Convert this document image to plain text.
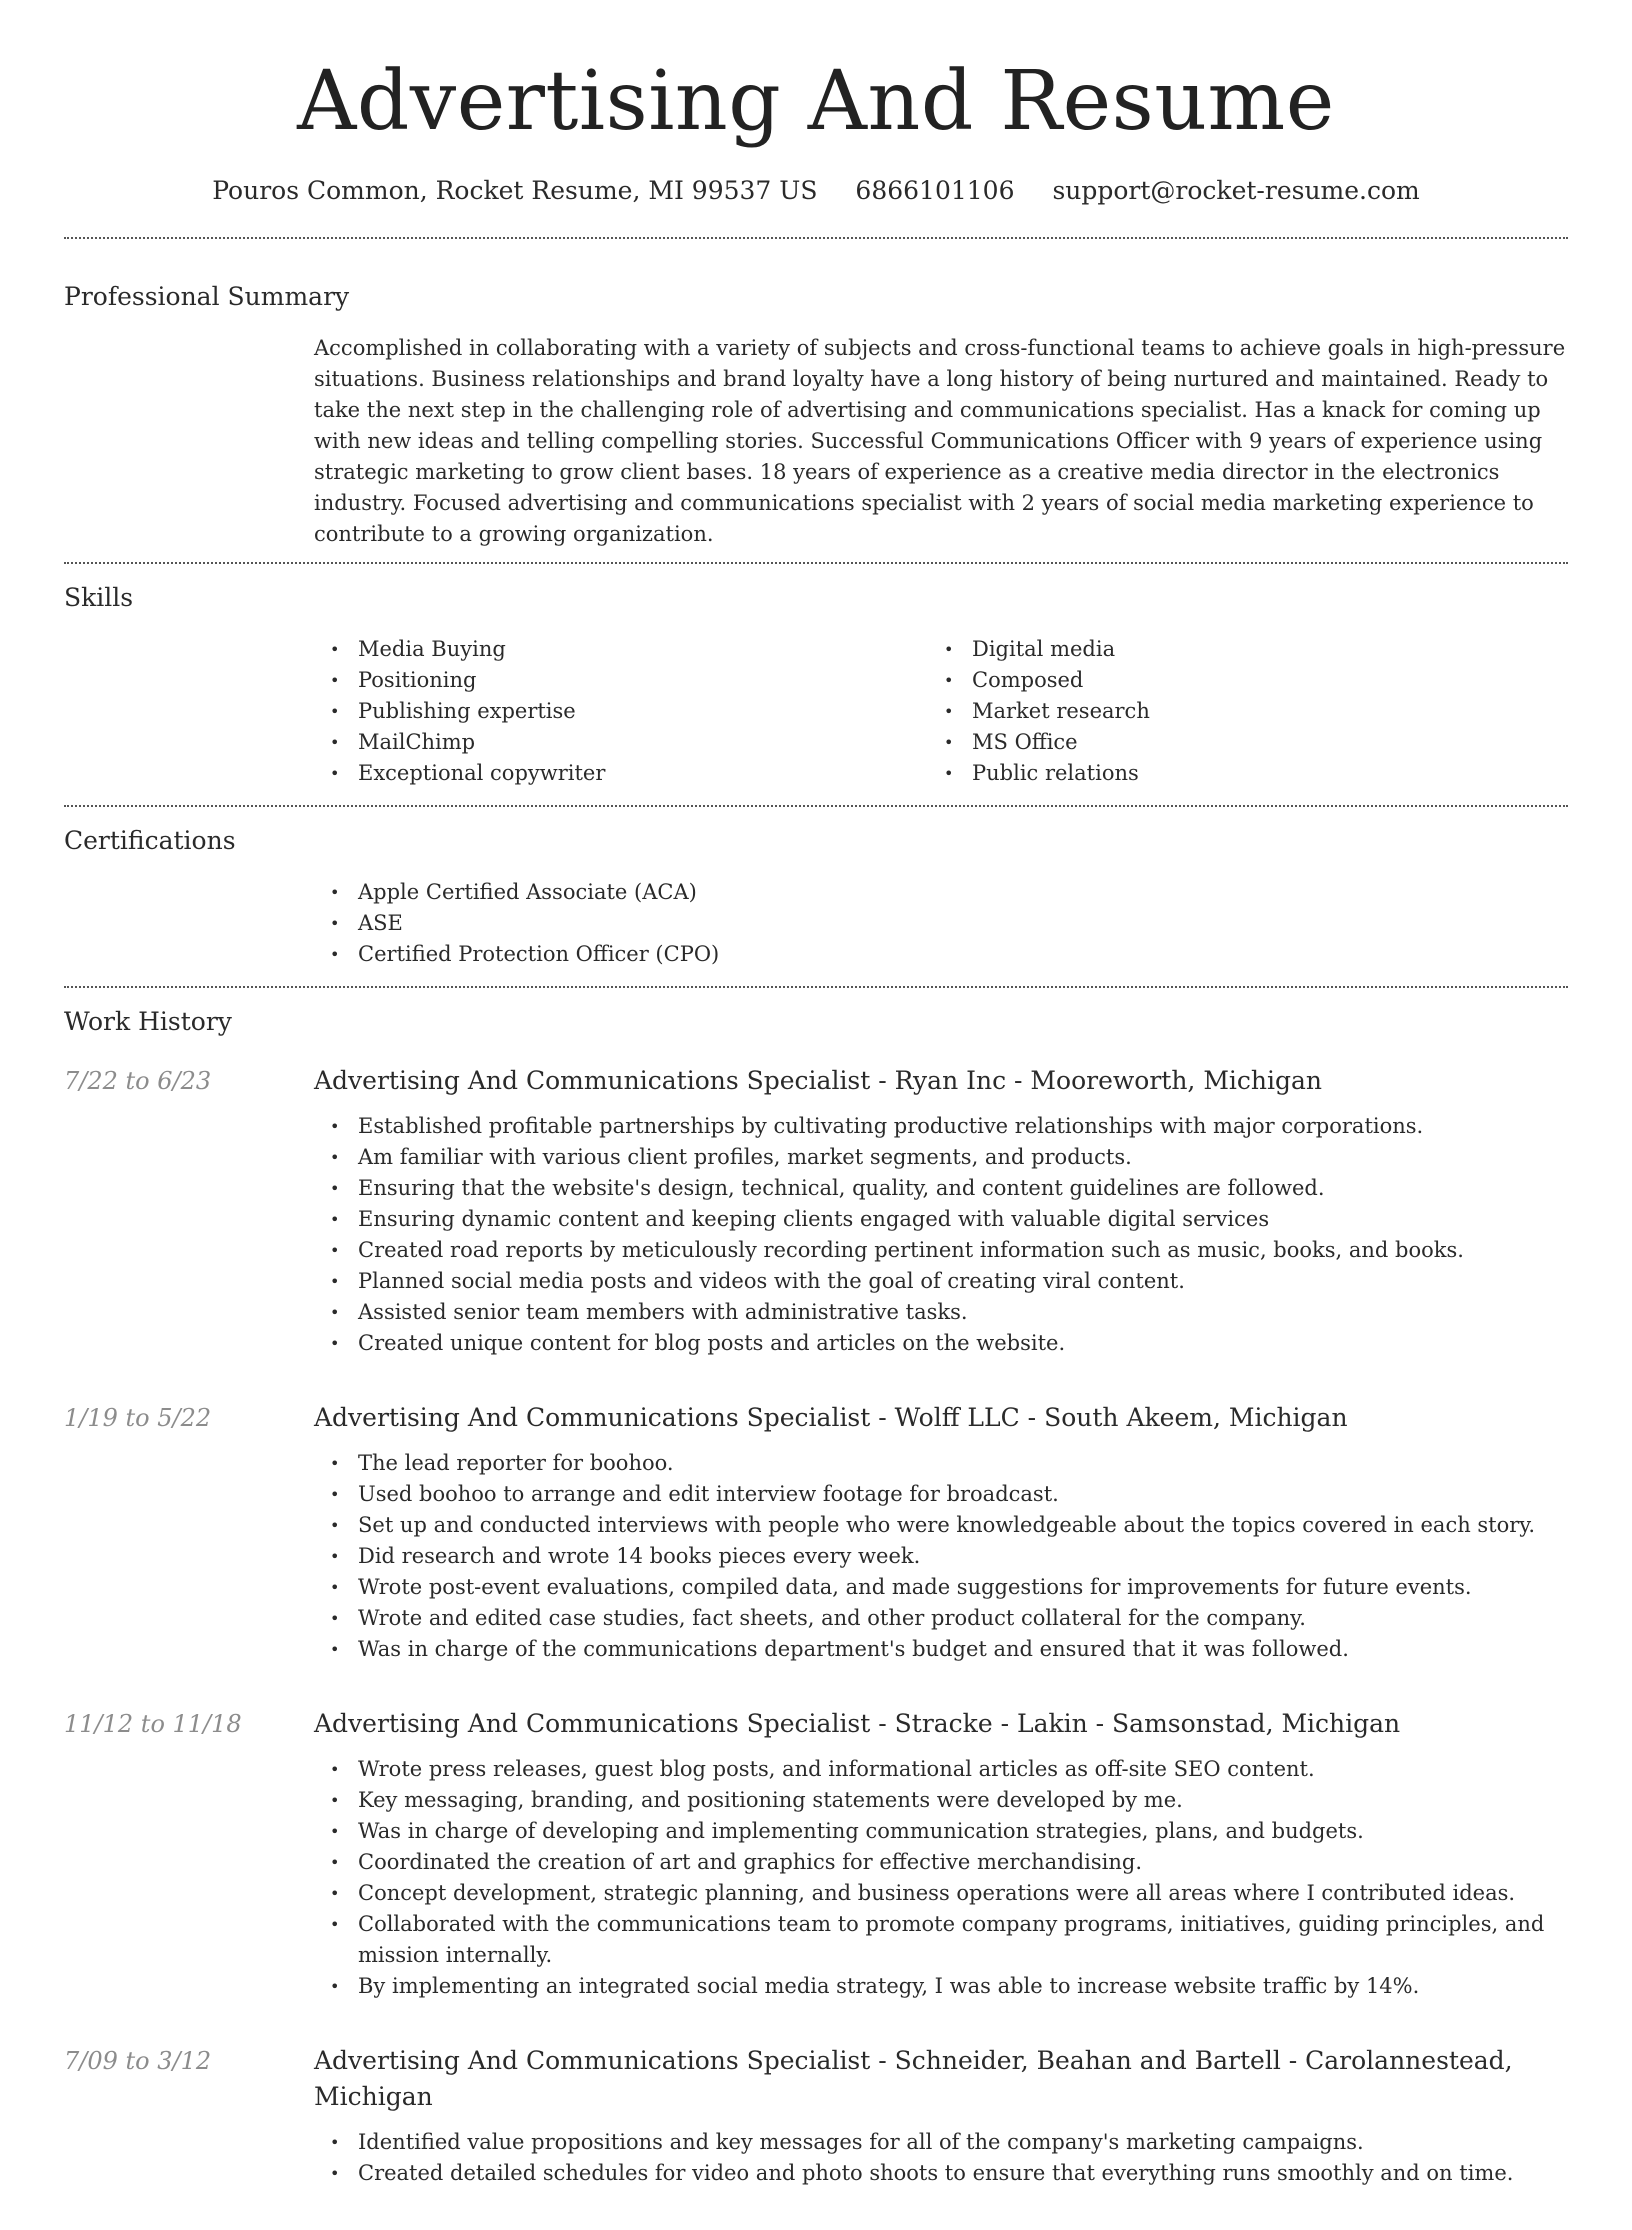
Advertising And Resume
Pouros Common, Rocket Resume, MI 99537 US 6866101106 support@rocket-resume.com
Professional Summary

Accomplished in collaborating with a variety of subjects and cross-functional teams to achieve goals in high-pressure situations. Business relationships and brand loyalty have a long history of being nurtured and maintained. Ready to take the next step in the challenging role of advertising and communications specialist. Has a knack for coming up with new ideas and telling compelling stories. Successful Communications Officer with 9 years of experience using strategic marketing to grow client bases. 18 years of experience as a creative media director in the electronics industry. Focused advertising and communications specialist with 2 years of social media marketing experience to contribute to a growing organization.

Skills
• Media Buying
• Positioning
• Publishing expertise
• MailChimp
• Exceptional copywriter
• Digital media
• Composed
• Market research
• MS Office
• Public relations
Certifications
• Apple Certified Associate (ACA)
• ASE
• Certified Protection Officer (CPO)
Work History
7/22 to 6/23	Advertising And Communications Specialist - Ryan Inc - Mooreworth, Michigan
• Established profitable partnerships by cultivating productive relationships with major corporations.
• Am familiar with various client profiles, market segments, and products.
• Ensuring that the website's design, technical, quality, and content guidelines are followed.
• Ensuring dynamic content and keeping clients engaged with valuable digital services
• Created road reports by meticulously recording pertinent information such as music, books, and books.
• Planned social media posts and videos with the goal of creating viral content.
• Assisted senior team members with administrative tasks.
• Created unique content for blog posts and articles on the website.
1/19 to 5/22	Advertising And Communications Specialist - Wolff LLC - South Akeem, Michigan
• The lead reporter for boohoo.
• Used boohoo to arrange and edit interview footage for broadcast.
• Set up and conducted interviews with people who were knowledgeable about the topics covered in each story.
• Did research and wrote 14 books pieces every week.
• Wrote post-event evaluations, compiled data, and made suggestions for improvements for future events.
• Wrote and edited case studies, fact sheets, and other product collateral for the company.
• Was in charge of the communications department's budget and ensured that it was followed.
11/12 to 11/18	Advertising And Communications Specialist - Stracke - Lakin - Samsonstad, Michigan
• Wrote press releases, guest blog posts, and informational articles as off-site SEO content.
• Key messaging, branding, and positioning statements were developed by me.
• Was in charge of developing and implementing communication strategies, plans, and budgets.
• Coordinated the creation of art and graphics for effective merchandising.
• Concept development, strategic planning, and business operations were all areas where I contributed ideas.
• Collaborated with the communications team to promote company programs, initiatives, guiding principles, and mission internally.
• By implementing an integrated social media strategy, I was able to increase website traffic by 14%.
7/09 to 3/12	Advertising And Communications Specialist - Schneider, Beahan and Bartell - Carolannestead, Michigan
• Identified value propositions and key messages for all of the company's marketing campaigns.
• Created detailed schedules for video and photo shoots to ensure that everything runs smoothly and on time.
